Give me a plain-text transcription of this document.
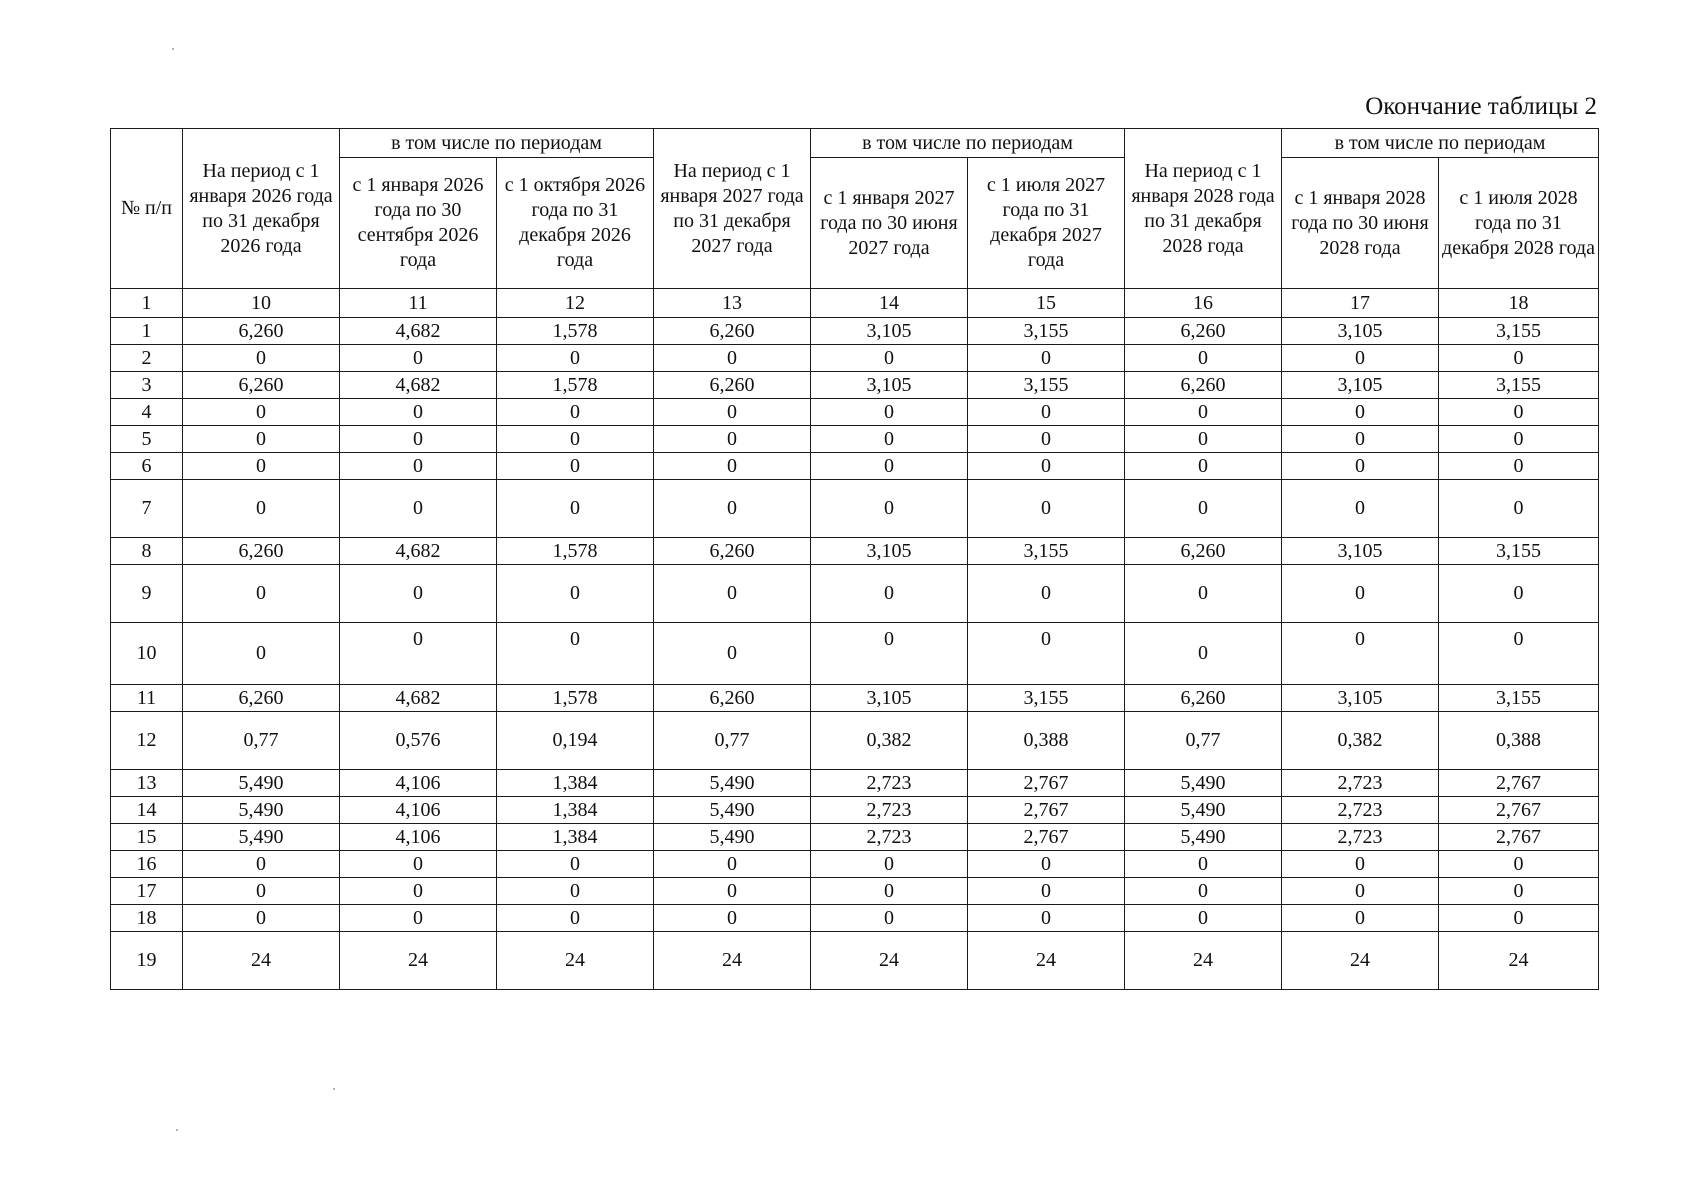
Окончание таблицы 2
№ п/п	На период с 1 января 2026 года по 31 декабря 2026 года	в том числе по периодам		На период с 1 января 2027 года по 31 декабря 2027 года	в том числе по периодам		На период с 1 января 2028 года по 31 декабря 2028 года	в том числе по периодам	
		с 1 января 2026 года по 30 сентября 2026 года	с 1 октября 2026 года по 31 декабря 2026 года		с 1 января 2027 года по 30 июня 2027 года	с 1 июля 2027 года по 31 декабря 2027 года		с 1 января 2028 года по 30 июня 2028 года	с 1 июля 2028 года по 31 декабря 2028 года
1	10	11	12	13	14	15	16	17	18
1	6,260	4,682	1,578	6,260	3,105	3,155	6,260	3,105	3,155
2	0	0	0	0	0	0	0	0	0
3	6,260	4,682	1,578	6,260	3,105	3,155	6,260	3,105	3,155
4	0	0	0	0	0	0	0	0	0
5	0	0	0	0	0	0	0	0	0
6	0	0	0	0	0	0	0	0	0
7	0	0	0	0	0	0	0	0	0
8	6,260	4,682	1,578	6,260	3,105	3,155	6,260	3,105	3,155
9	0	0	0	0	0	0	0	0	0
10	0	0	0	0	0	0	0	0	0
11	6,260	4,682	1,578	6,260	3,105	3,155	6,260	3,105	3,155
12	0,77	0,576	0,194	0,77	0,382	0,388	0,77	0,382	0,388
13	5,490	4,106	1,384	5,490	2,723	2,767	5,490	2,723	2,767
14	5,490	4,106	1,384	5,490	2,723	2,767	5,490	2,723	2,767
15	5,490	4,106	1,384	5,490	2,723	2,767	5,490	2,723	2,767
16	0	0	0	0	0	0	0	0	0
17	0	0	0	0	0	0	0	0	0
18	0	0	0	0	0	0	0	0	0
19	24	24	24	24	24	24	24	24	24
